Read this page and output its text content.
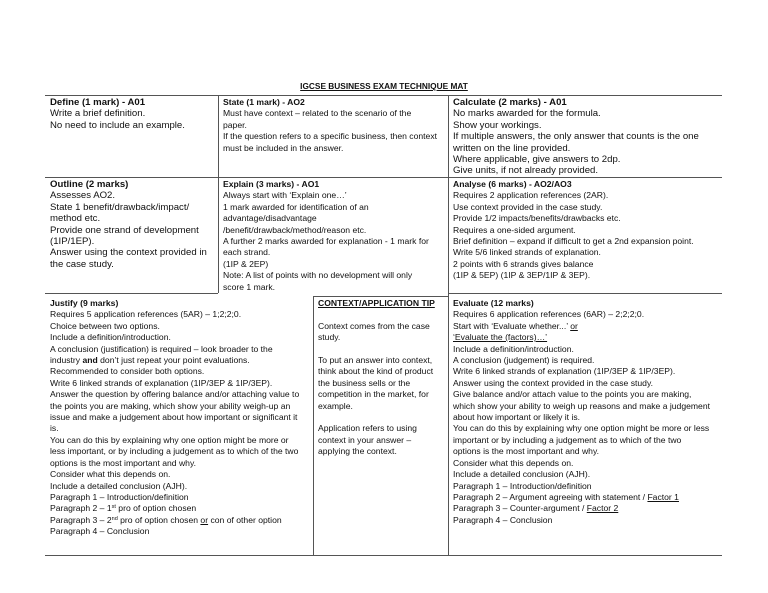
IGCSE BUSINESS EXAM TECHNIQUE MAT
Define (1 mark) - A01
Write a brief definition.
No need to include an example.
State (1 mark) - AO2
Must have context – related to the scenario of the
paper.
If the question refers to a specific business, then context
must be included in the answer.
Calculate (2 marks) - A01
No marks awarded for the formula.
Show your workings.
If multiple answers, the only answer that counts is the one
written on the line provided.
Where applicable, give answers to 2dp.
Give units, if not already provided.
Outline (2 marks)
Assesses AO2.
State 1 benefit/drawback/impact/
method etc.
Provide one strand of development
(1IP/1EP).
Answer using the context provided in
the case study.
Explain (3 marks) - AO1
Always start with ‘Explain one…’
1 mark awarded for identification of an
advantage/disadvantage
/benefit/drawback/method/reason etc.
A further 2 marks awarded for explanation - 1 mark for
each strand.
(1IP & 2EP)
Note: A list of points with no development will only
score 1 mark.
Analyse (6 marks) - AO2/AO3
Requires 2 application references (2AR).
Use context provided in the case study.
Provide 1/2 impacts/benefits/drawbacks etc.
Requires a one-sided argument.
Brief definition – expand if difficult to get a 2nd expansion point.
Write 5/6 linked strands of explanation.
2 points with 6 strands gives balance
(1IP & 5EP) (1IP & 3EP/1IP & 3EP).
Justify (9 marks)
Requires 5 application references (5AR) – 1;2;2;0.
Choice between two options.
Include a definition/introduction.
A conclusion (justification) is required – look broader to the
industry and don’t just repeat your point evaluations.
Recommended to consider both options.
Write 6 linked strands of explanation (1IP/3EP & 1IP/3EP).
Answer the question by offering balance and/or attaching value to
the points you are making, which show your ability weigh-up an
issue and make a judgement about how important or significant it
is.
You can do this by explaining why one option might be more or
less important, or by including a judgement as to which of the two
options is the most important and why.
Consider what this depends on.
Include a detailed conclusion (AJH).
Paragraph 1 – Introduction/definition
Paragraph 2 – 1st pro of option chosen
Paragraph 3 – 2nd pro of option chosen or con of other option
Paragraph 4 – Conclusion
CONTEXT/APPLICATION TIP

Context comes from the case
study.

To put an answer into context,
think about the kind of product
the business sells or the
competition in the market, for
example.

Application refers to using
context in your answer –
applying the context.
Evaluate (12 marks)
Requires 6 application references (6AR) – 2;2;2;0.
Start with ‘Evaluate whether...’ or
‘Evaluate the (factors)…’
Include a definition/introduction.
A conclusion (judgement) is required.
Write 6 linked strands of explanation (1IP/3EP & 1IP/3EP).
Answer using the context provided in the case study.
Give balance and/or attach value to the points you are making,
which show your ability to weigh up reasons and make a judgement
about how important or likely it is.
You can do this by explaining why one option might be more or less
important or by including a judgement as to which of the two
options is the most important and why.
Consider what this depends on.
Include a detailed conclusion (AJH).
Paragraph 1 – Introduction/definition
Paragraph 2 – Argument agreeing with statement / Factor 1
Paragraph 3 – Counter-argument / Factor 2
Paragraph 4 – Conclusion
